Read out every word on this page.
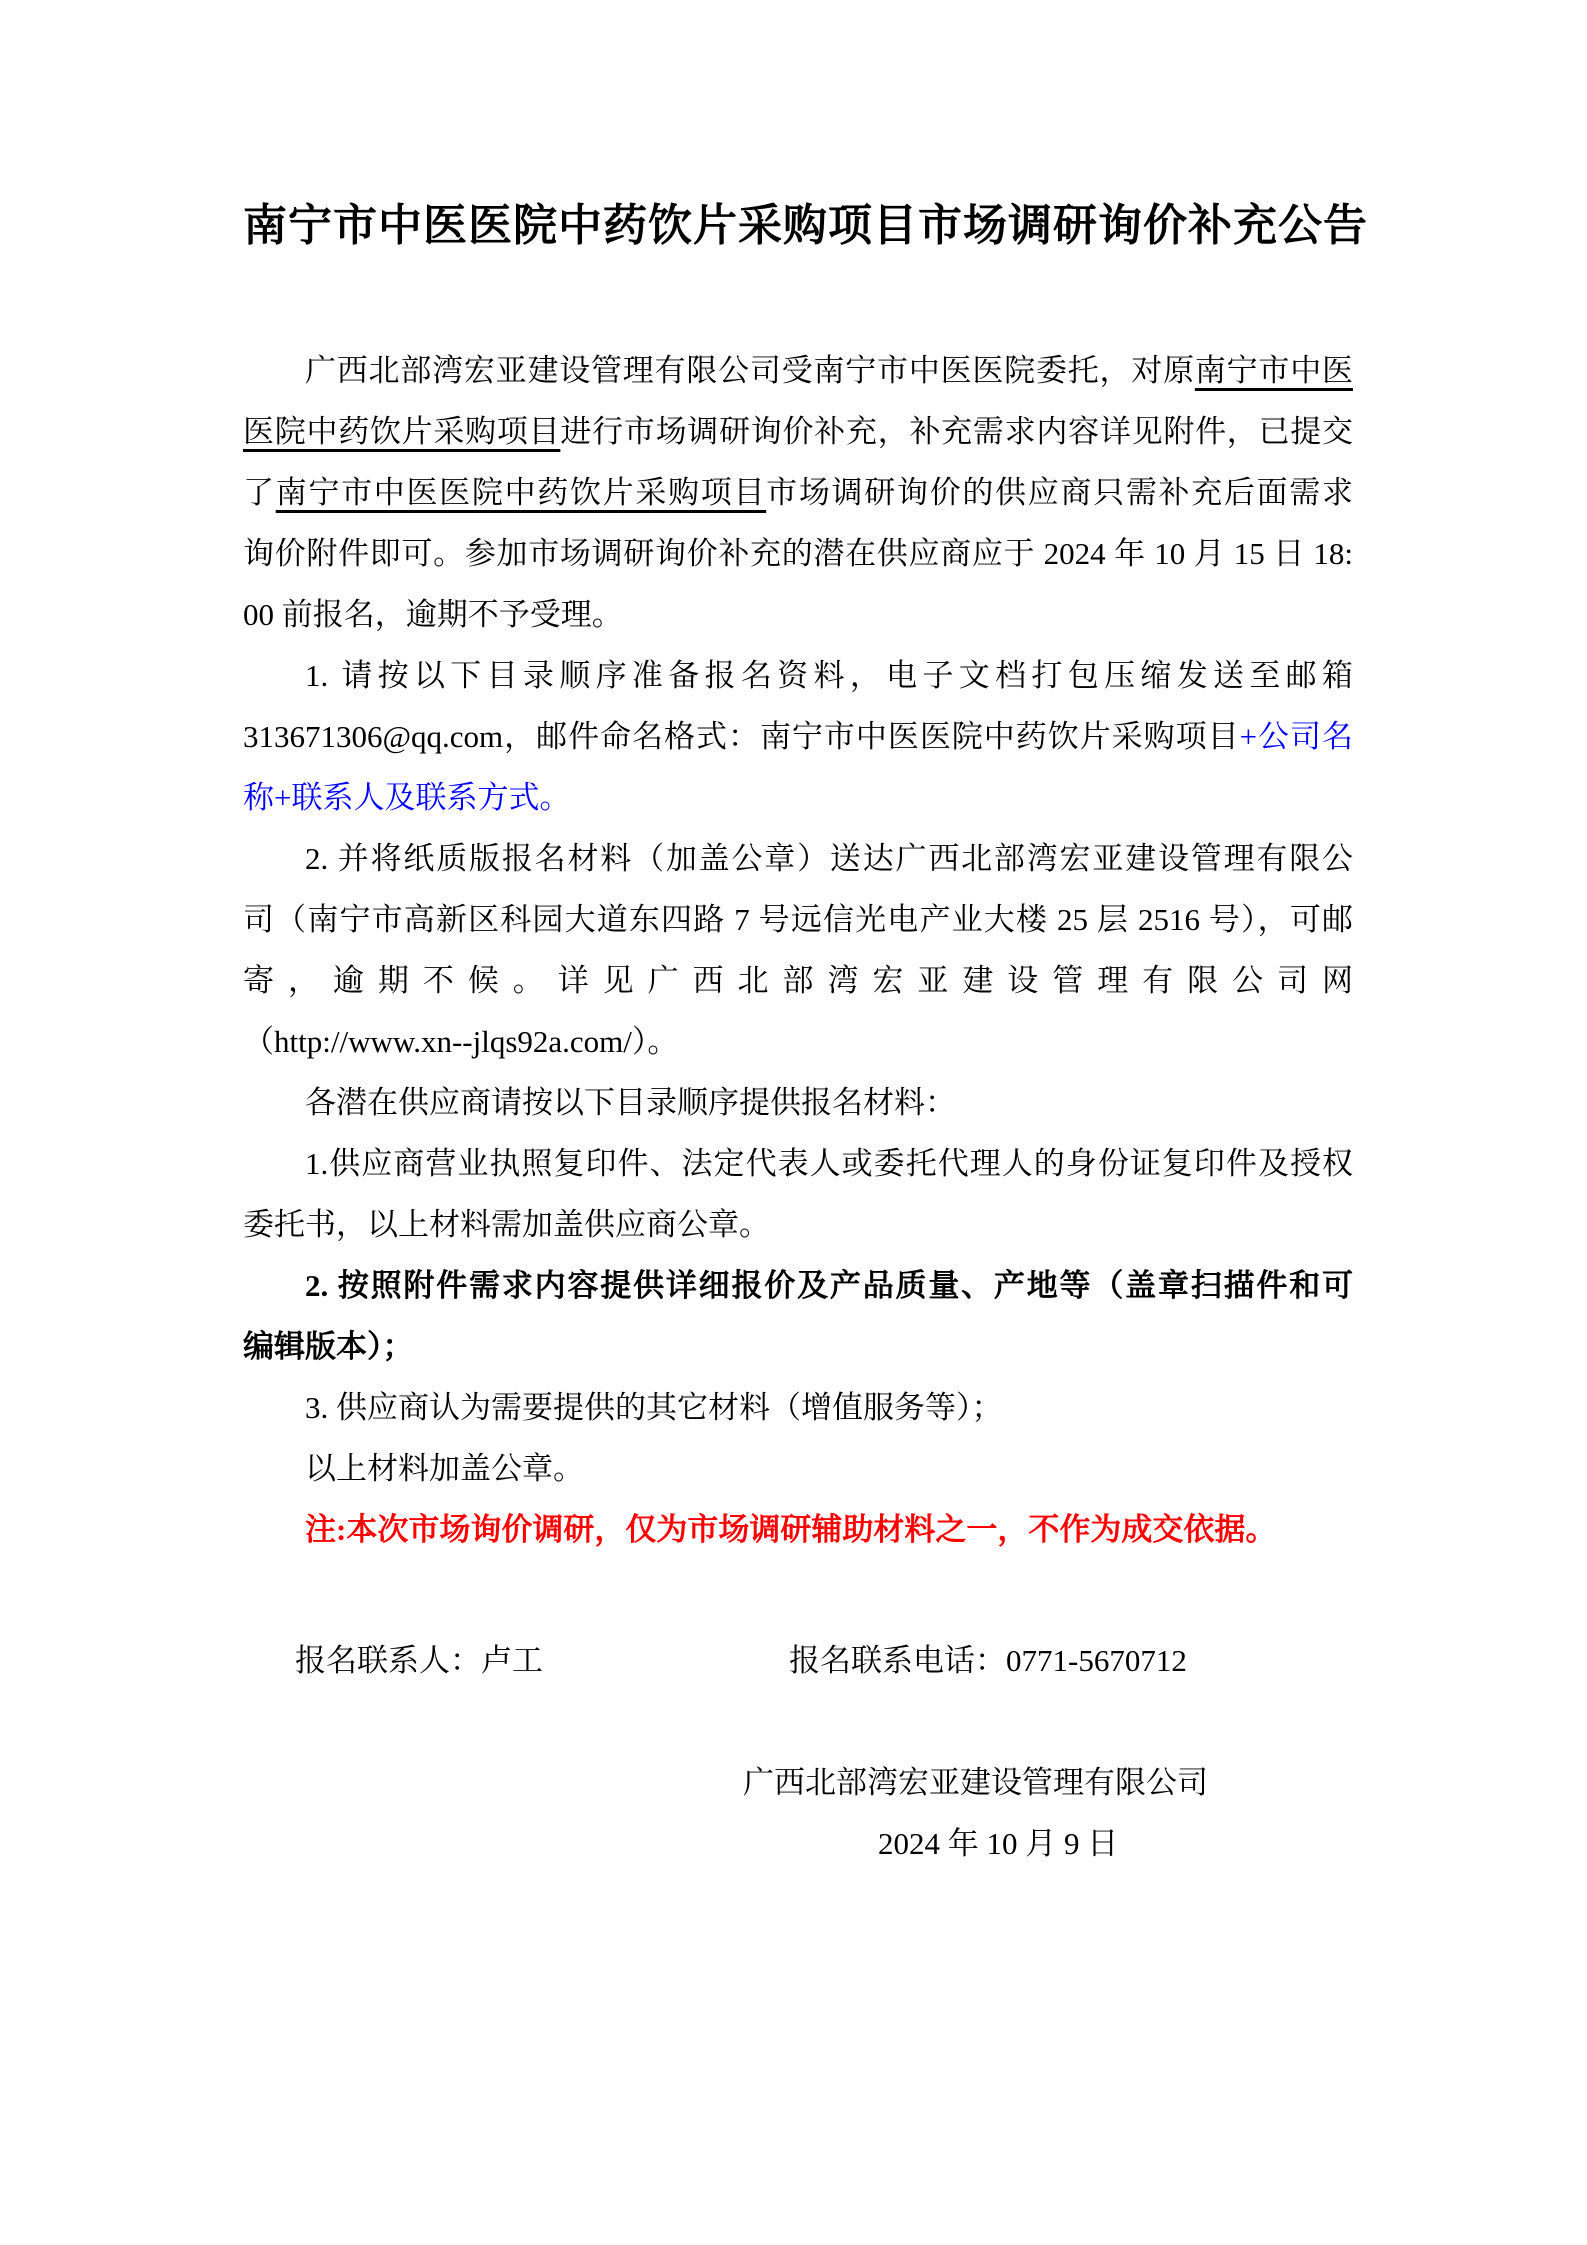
南宁市中医医院中药饮片采购项目市场调研询价补充公告
广西北部湾宏亚建设管理有限公司受南宁市中医医院委托，对原南宁市中医
医院中药饮片采购项目进行市场调研询价补充，补充需求内容详见附件，已提交
了南宁市中医医院中药饮片采购项目市场调研询价的供应商只需补充后面需求
询价附件即可。参加市场调研询价补充的潜在供应商应于 2024 年 10 月 15 日 18:
00 前报名，逾期不予受理。
1. 请按以下目录顺序准备报名资料，电子文档打包压缩发送至邮箱
313671306@qq.com，邮件命名格式：南宁市中医医院中药饮片采购项目+公司名
称+联系人及联系方式。
2. 并将纸质版报名材料（加盖公章）送达广西北部湾宏亚建设管理有限公
司（南宁市高新区科园大道东四路 7 号远信光电产业大楼 25 层 2516 号），可邮
寄，逾期不候。详见广西北部湾宏亚建设管理有限公司网
（http://www.xn--jlqs92a.com/）。
各潜在供应商请按以下目录顺序提供报名材料：
1.供应商营业执照复印件、法定代表人或委托代理人的身份证复印件及授权
委托书，以上材料需加盖供应商公章。
2. 按照附件需求内容提供详细报价及产品质量、产地等（盖章扫描件和可
编辑版本）；
3. 供应商认为需要提供的其它材料（增值服务等）；
以上材料加盖公章。
注:本次市场询价调研，仅为市场调研辅助材料之一，不作为成交依据。
报名联系人：卢工	报名联系电话：0771-5670712
广西北部湾宏亚建设管理有限公司
2024 年 10 月 9 日
